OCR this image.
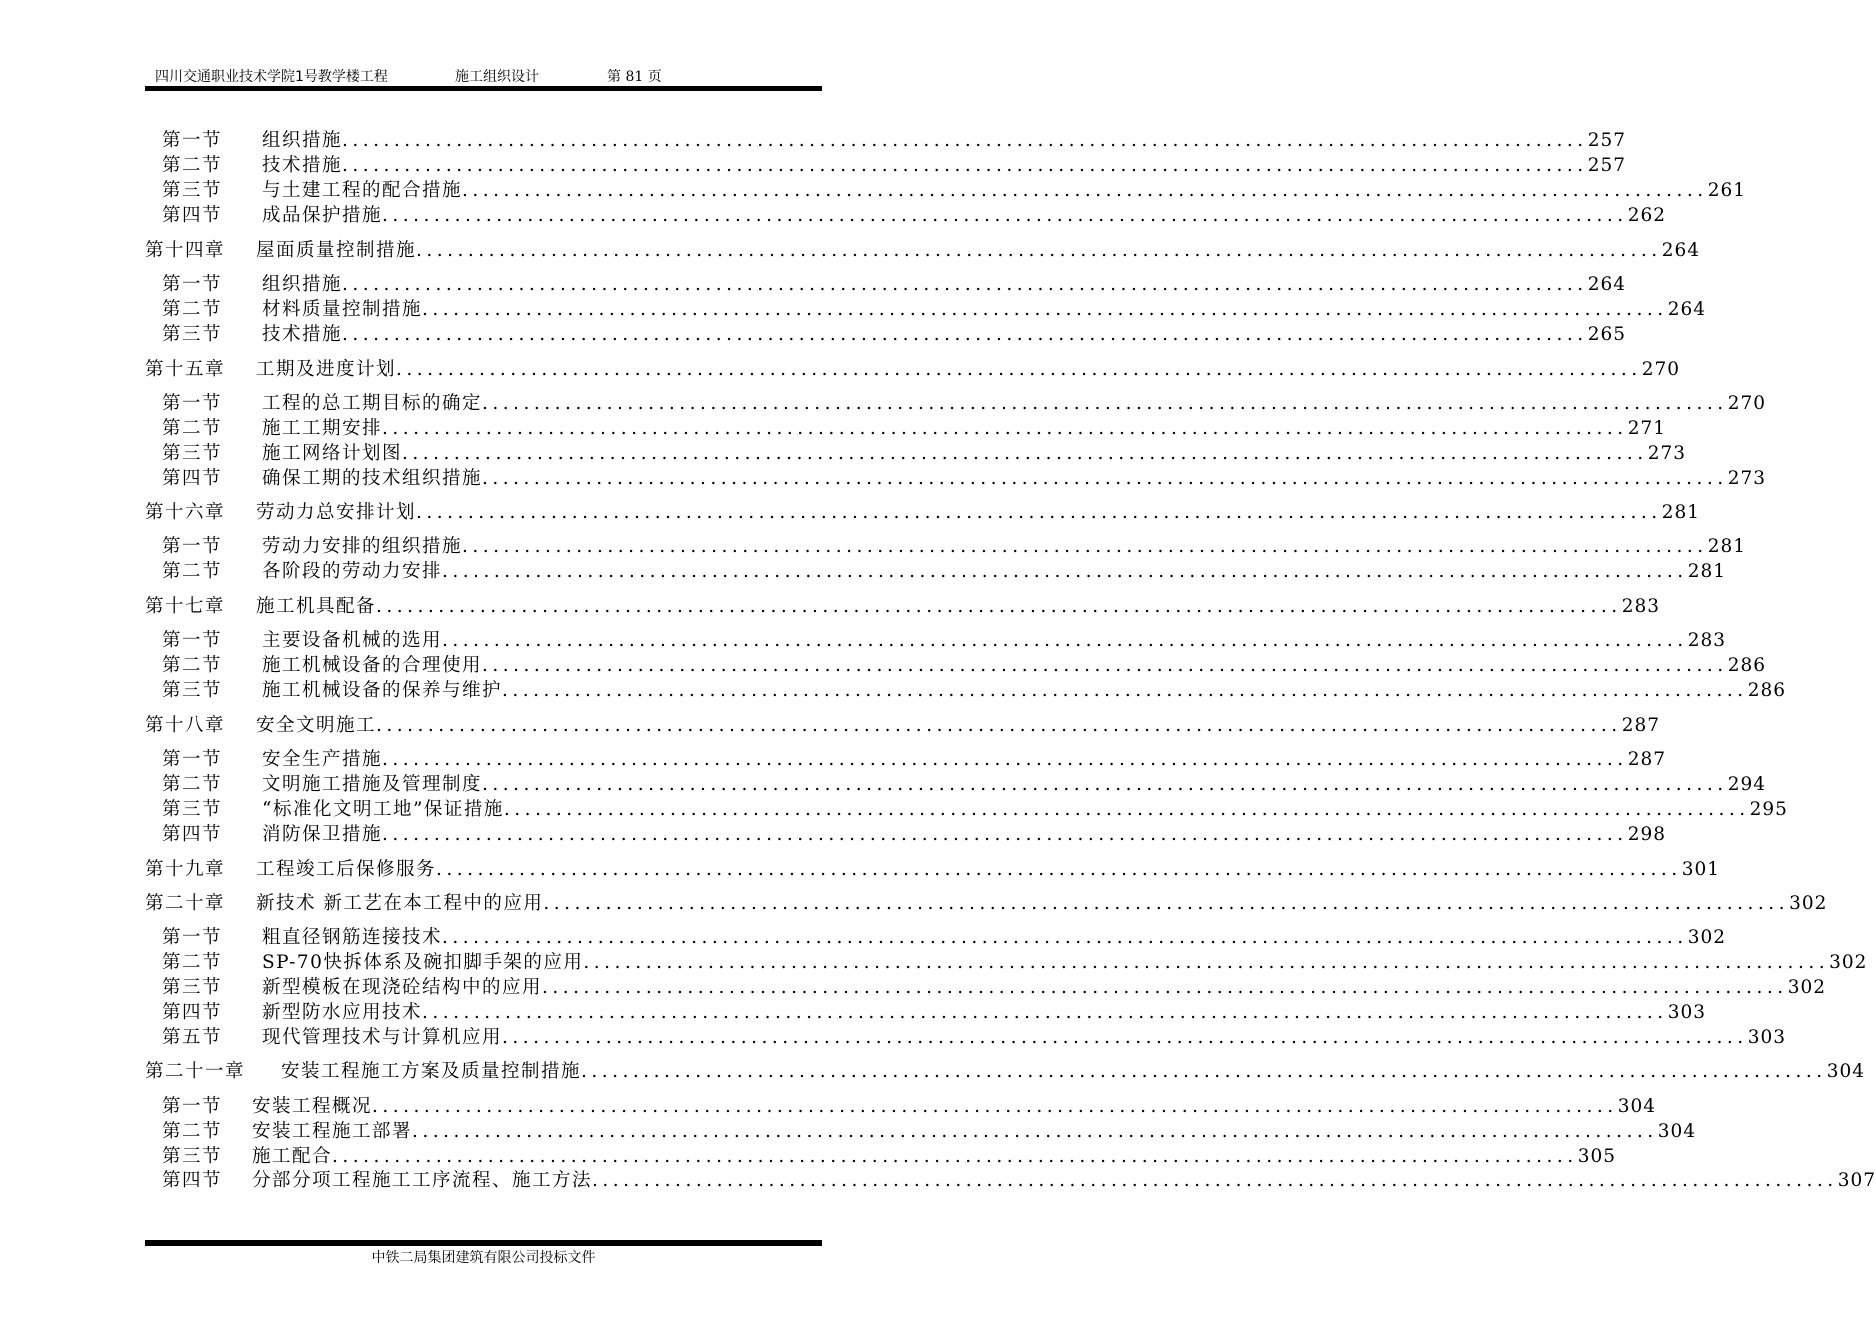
四川交通职业技术学院1号教学楼工程	施工组织设计	第 81 页
第一节	组织措施 ........................................................................................................................ 257
第二节	技术措施 ........................................................................................................................ 257
第三节	与土建工程的配合措施 ........................................................................................................................ 261
第四节	成品保护措施 ........................................................................................................................ 262
第十四章	屋面质量控制措施 ........................................................................................................................ 264
第一节	组织措施 ........................................................................................................................ 264
第二节	材料质量控制措施 ........................................................................................................................ 264
第三节	技术措施 ........................................................................................................................ 265
第十五章	工期及进度计划 ........................................................................................................................ 270
第一节	工程的总工期目标的确定 ........................................................................................................................ 270
第二节	施工工期安排 ........................................................................................................................ 271
第三节	施工网络计划图 ........................................................................................................................ 273
第四节	确保工期的技术组织措施 ........................................................................................................................ 273
第十六章	劳动力总安排计划 ........................................................................................................................ 281
第一节	劳动力安排的组织措施 ........................................................................................................................ 281
第二节	各阶段的劳动力安排 ........................................................................................................................ 281
第十七章	施工机具配备 ........................................................................................................................ 283
第一节	主要设备机械的选用 ........................................................................................................................ 283
第二节	施工机械设备的合理使用 ........................................................................................................................ 286
第三节	施工机械设备的保养与维护 ........................................................................................................................ 286
第十八章	安全文明施工 ........................................................................................................................ 287
第一节	安全生产措施 ........................................................................................................................ 287
第二节	文明施工措施及管理制度 ........................................................................................................................ 294
第三节	“标准化文明工地”保证措施 ........................................................................................................................ 295
第四节	消防保卫措施 ........................................................................................................................ 298
第十九章	工程竣工后保修服务 ........................................................................................................................ 301
第二十章	新技术 新工艺在本工程中的应用 ........................................................................................................................ 302
第一节	粗直径钢筋连接技术 ........................................................................................................................ 302
第二节	SP-70快拆体系及碗扣脚手架的应用 ........................................................................................................................ 302
第三节	新型模板在现浇砼结构中的应用 ........................................................................................................................ 302
第四节	新型防水应用技术 ........................................................................................................................ 303
第五节	现代管理技术与计算机应用 ........................................................................................................................ 303
第二十一章	安装工程施工方案及质量控制措施 ........................................................................................................................ 304
第一节	安装工程概况 ........................................................................................................................ 304
第二节	安装工程施工部署 ........................................................................................................................ 304
第三节	施工配合 ........................................................................................................................ 305
第四节	分部分项工程施工工序流程、施工方法 ........................................................................................................................ 307
中铁二局集团建筑有限公司投标文件
